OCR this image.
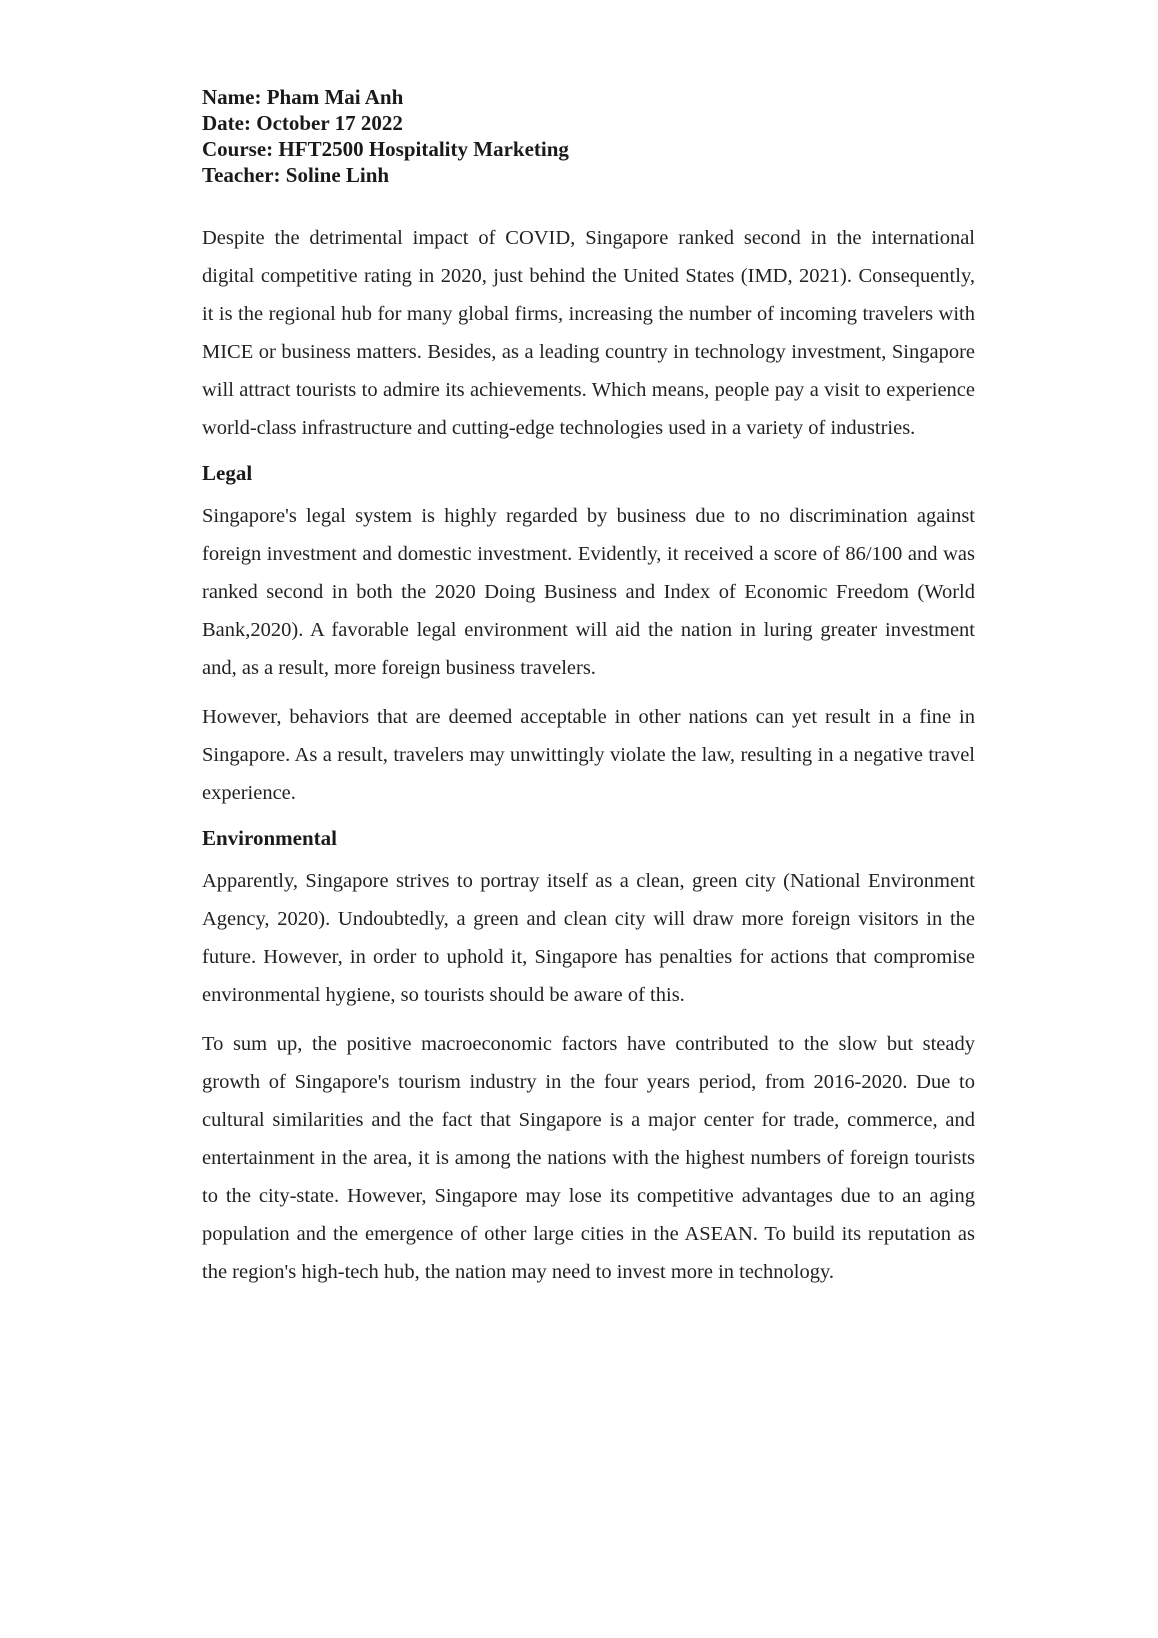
Name: Pham Mai Anh
Date: October 17 2022
Course: HFT2500 Hospitality Marketing
Teacher: Soline Linh

Despite the detrimental impact of COVID, Singapore ranked second in the international digital competitive rating in 2020, just behind the United States (IMD, 2021). Consequently, it is the regional hub for many global firms, increasing the number of incoming travelers with MICE or business matters. Besides, as a leading country in technology investment, Singapore will attract tourists to admire its achievements. Which means, people pay a visit to experience world-class infrastructure and cutting-edge technologies used in a variety of industries.

Legal

Singapore's legal system is highly regarded by business due to no discrimination against foreign investment and domestic investment. Evidently, it received a score of 86/100 and was ranked second in both the 2020 Doing Business and Index of Economic Freedom (World Bank,2020). A favorable legal environment will aid the nation in luring greater investment and, as a result, more foreign business travelers.

However, behaviors that are deemed acceptable in other nations can yet result in a fine in Singapore. As a result, travelers may unwittingly violate the law, resulting in a negative travel experience.

Environmental

Apparently, Singapore strives to portray itself as a clean, green city (National Environment Agency, 2020). Undoubtedly, a green and clean city will draw more foreign visitors in the future. However, in order to uphold it, Singapore has penalties for actions that compromise environmental hygiene, so tourists should be aware of this.

To sum up, the positive macroeconomic factors have contributed to the slow but steady growth of Singapore's tourism industry in the four years period, from 2016-2020. Due to cultural similarities and the fact that Singapore is a major center for trade, commerce, and entertainment in the area, it is among the nations with the highest numbers of foreign tourists to the city-state. However, Singapore may lose its competitive advantages due to an aging population and the emergence of other large cities in the ASEAN. To build its reputation as the region's high-tech hub, the nation may need to invest more in technology.
